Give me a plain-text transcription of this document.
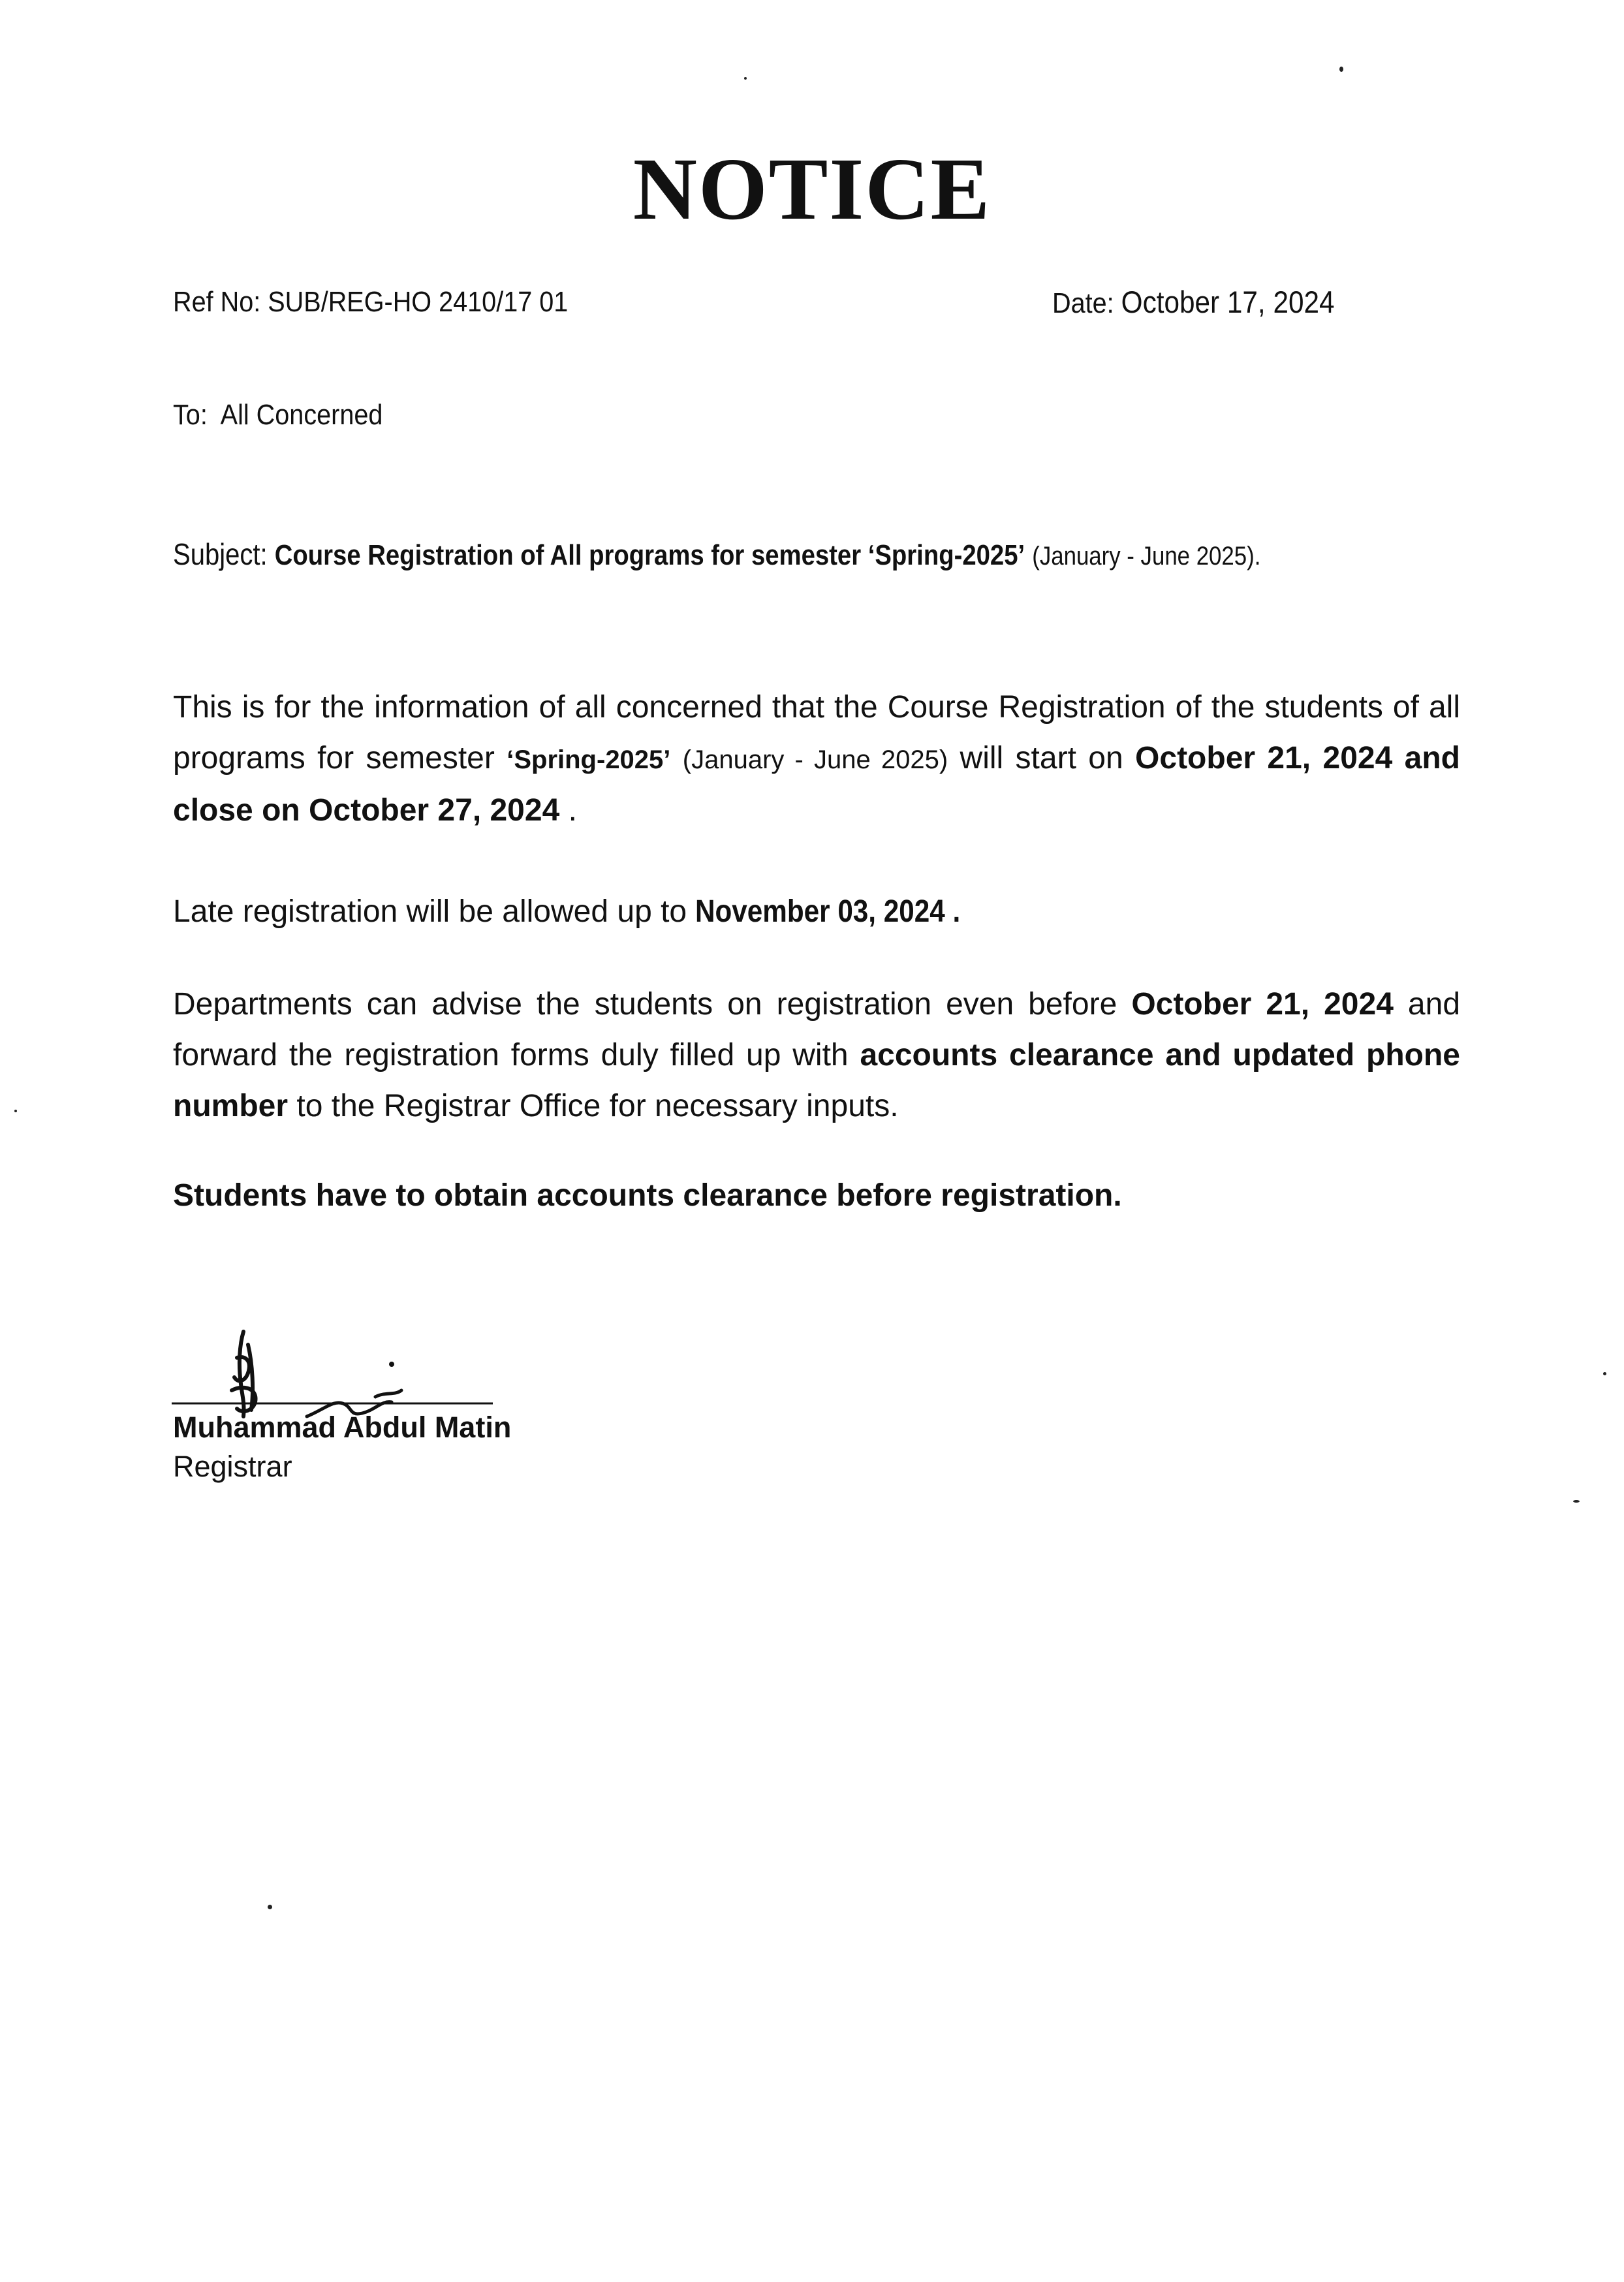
NOTICE
Ref No: SUB/REG-HO 2410/17 01	Date: October 17, 2024
To: All Concerned
Subject: Course Registration of All programs for semester ‘Spring-2025’ (January - June 2025).
This is for the information of all concerned that the Course Registration of the students of all programs for semester ‘Spring-2025’ (January - June 2025) will start on October 21, 2024 and close on October 27, 2024 .
Late registration will be allowed up to November 03, 2024 .
Departments can advise the students on registration even before October 21, 2024 and forward the registration forms duly filled up with accounts clearance and updated phone number to the Registrar Office for necessary inputs.
Students have to obtain accounts clearance before registration.
Muhammad Abdul Matin
Registrar
